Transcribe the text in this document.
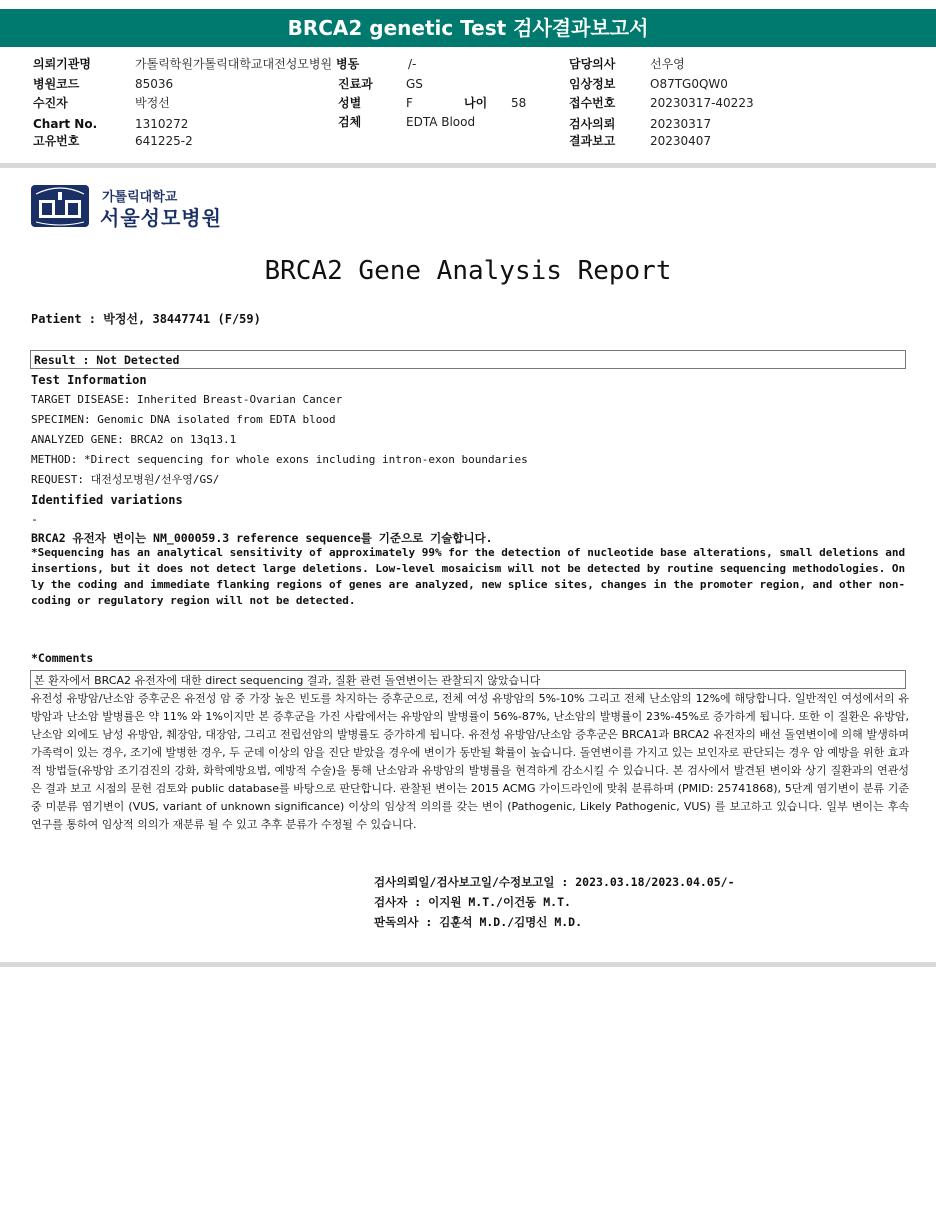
BRCA2 genetic Test 검사결과보고서
의뢰기관명	가톨릭학원가톨릭대학교대전성모병원
병원코드	85036
수진자	박정선
Chart No.	1310272
고유번호	641225-2
병동	/-
진료과	GS
성별	F	나이 58
검체	EDTA Blood
담당의사	선우영
임상정보	O87TG0QW0
접수번호	20230317-40223
검사의뢰	20230317
결과보고	20230407
가톨릭대학교
서울성모병원
BRCA2 Gene Analysis Report
Patient : 박정선, 38447741 (F/59)
Result : Not Detected
Test Information
TARGET DISEASE: Inherited Breast-Ovarian Cancer
SPECIMEN: Genomic DNA isolated from EDTA blood
ANALYZED GENE: BRCA2 on 13q13.1
METHOD: *Direct sequencing for whole exons including intron-exon boundaries
REQUEST: 대전성모병원/선우영/GS/
Identified variations
-
BRCA2 유전자 변이는 NM_000059.3 reference sequence를 기준으로 기술합니다.
*Sequencing has an analytical sensitivity of approximately 99% for the detection of nucleotide base alterations, small deletions and insertions, but it does not detect large deletions. Low-level mosaicism will not be detected by routine sequencing methodologies. Only the coding and immediate flanking regions of genes are analyzed, new splice sites, changes in the promoter region, and other non-coding or regulatory region will not be detected.
*Comments
본 환자에서 BRCA2 유전자에 대한 direct sequencing 결과, 질환 관련 돌연변이는 관찰되지 않았습니다
유전성 유방암/난소암 증후군은 유전성 암 중 가장 높은 빈도를 차지하는 증후군으로, 전체 여성 유방암의 5%-10% 그리고 전체 난소암의 12%에 해당합니다. 일반적인 여성에서의 유방암과 난소암 발병률은 약 11% 와 1%이지만 본 증후군을 가진 사람에서는 유방암의 발병률이 56%-87%, 난소암의 발병률이 23%-45%로 증가하게 됩니다. 또한 이 질환은 유방암, 난소암 외에도 남성 유방암, 췌장암, 대장암, 그리고 전립선암의 발병률도 증가하게 됩니다. 유전성 유방암/난소암 증후군은 BRCA1과 BRCA2 유전자의 배선 돌연변이에 의해 발생하며 가족력이 있는 경우, 조기에 발병한 경우, 두 군데 이상의 암을 진단 받았을 경우에 변이가 동반될 확률이 높습니다. 돌연변이를 가지고 있는 보인자로 판단되는 경우 암 예방을 위한 효과적 방법들(유방암 조기검진의 강화, 화학예방요법, 예방적 수술)을 통해 난소암과 유방암의 발병률을 현격하게 감소시킬 수 있습니다. 본 검사에서 발견된 변이와 상기 질환과의 연관성은 결과 보고 시점의 문헌 검토와 public database를 바탕으로 판단합니다. 관찰된 변이는 2015 ACMG 가이드라인에 맞춰 분류하며 (PMID: 25741868), 5단계 염기변이 분류 기준 중 미분류 염기변이 (VUS, variant of unknown significance) 이상의 임상적 의의를 갖는 변이 (Pathogenic, Likely Pathogenic, VUS) 를 보고하고 있습니다. 일부 변이는 후속 연구를 통하여 임상적 의의가 재분류 될 수 있고 추후 분류가 수정될 수 있습니다.
검사의뢰일/검사보고일/수정보고일 : 2023.03.18/2023.04.05/-
검사자 : 이지원 M.T./이건동 M.T.
판독의사 : 김훈석 M.D./김명신 M.D.
